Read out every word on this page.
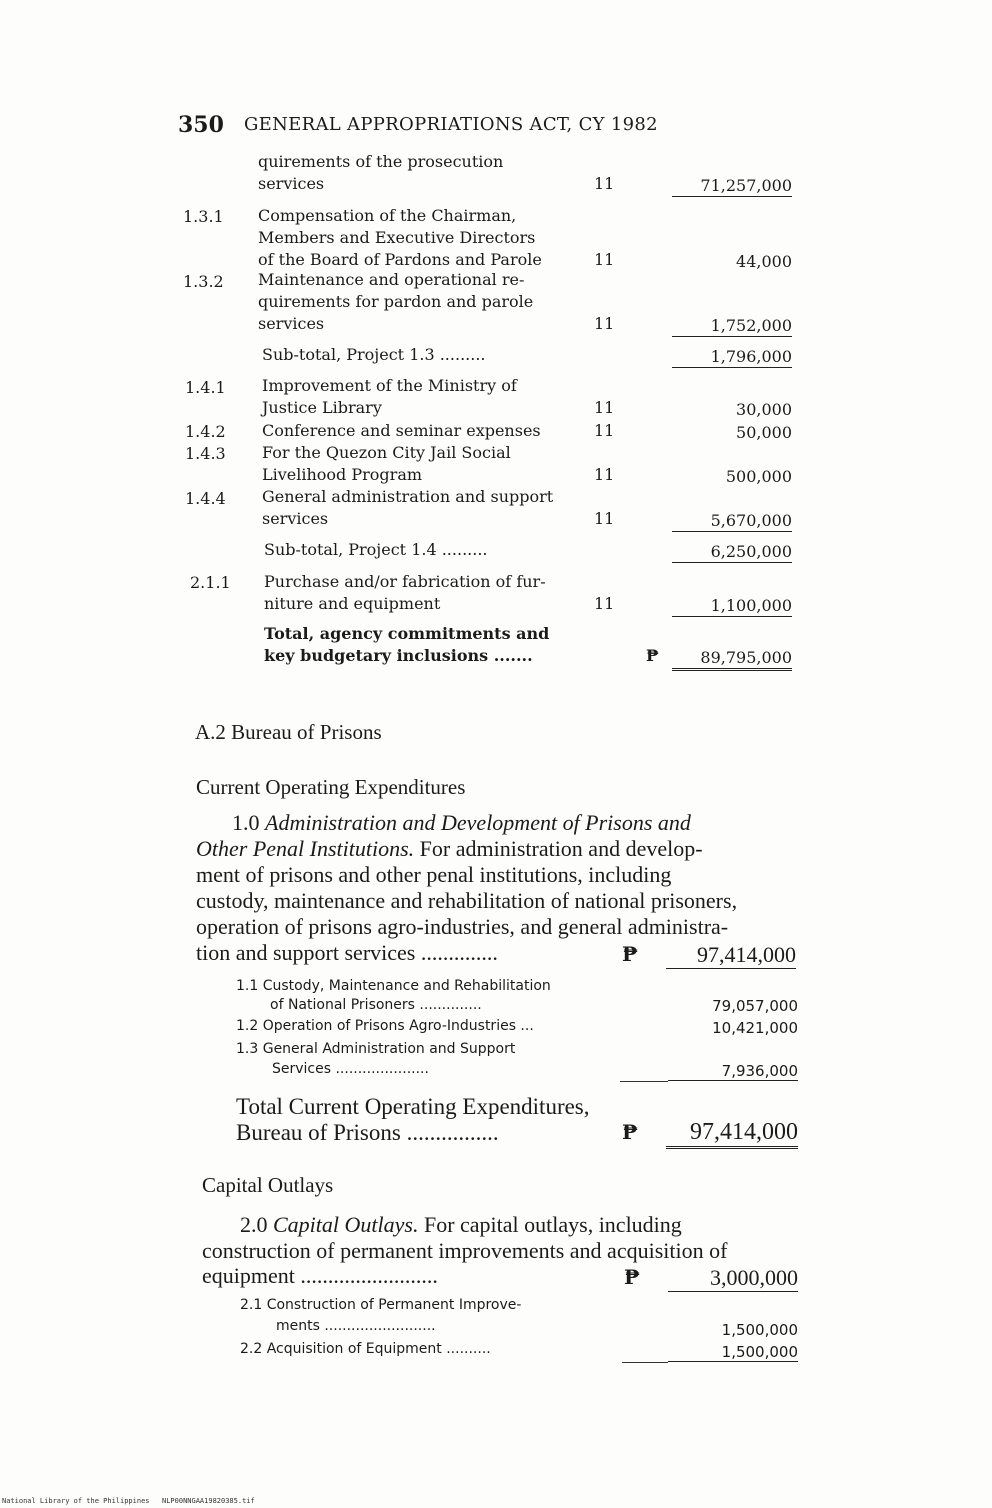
350 GENERAL APPROPRIATIONS ACT, CY 1982
quirements of the prosecution
services	11	71,257,000
1.3.1 Compensation of the Chairman,
Members and Executive Directors
of the Board of Pardons and Parole	11	44,000
1.3.2 Maintenance and operational re-
quirements for pardon and parole
services	11	1,752,000
Sub-total, Project 1.3 .........	1,796,000
1.4.1 Improvement of the Ministry of
Justice Library	11	30,000
1.4.2 Conference and seminar expenses	11	50,000
1.4.3 For the Quezon City Jail Social
Livelihood Program	11	500,000
1.4.4 General administration and support
services	11	5,670,000
Sub-total, Project 1.4 .........	6,250,000
2.1.1 Purchase and/or fabrication of fur-
niture and equipment	11	1,100,000
Total, agency commitments and
key budgetary inclusions .......	₱	89,795,000
A.2 Bureau of Prisons
Current Operating Expenditures
1.0 Administration and Development of Prisons and
Other Penal Institutions. For administration and develop-
ment of prisons and other penal institutions, including
custody, maintenance and rehabilitation of national prisoners,
operation of prisons agro-industries, and general administra-
tion and support services ..............	₱	97,414,000
1.1 Custody, Maintenance and Rehabilitation
of National Prisoners ..............	79,057,000
1.2 Operation of Prisons Agro-Industries ...	10,421,000
1.3 General Administration and Support
Services .....................	7,936,000
Total Current Operating Expenditures,
Bureau of Prisons ................	₱	97,414,000
Capital Outlays
2.0 Capital Outlays. For capital outlays, including
construction of permanent improvements and acquisition of
equipment .........................	₱	3,000,000
2.1 Construction of Permanent Improve-
ments .........................	1,500,000
2.2 Acquisition of Equipment ..........	1,500,000
National Library of the Philippines NLP00NNGAA19820385.tif
